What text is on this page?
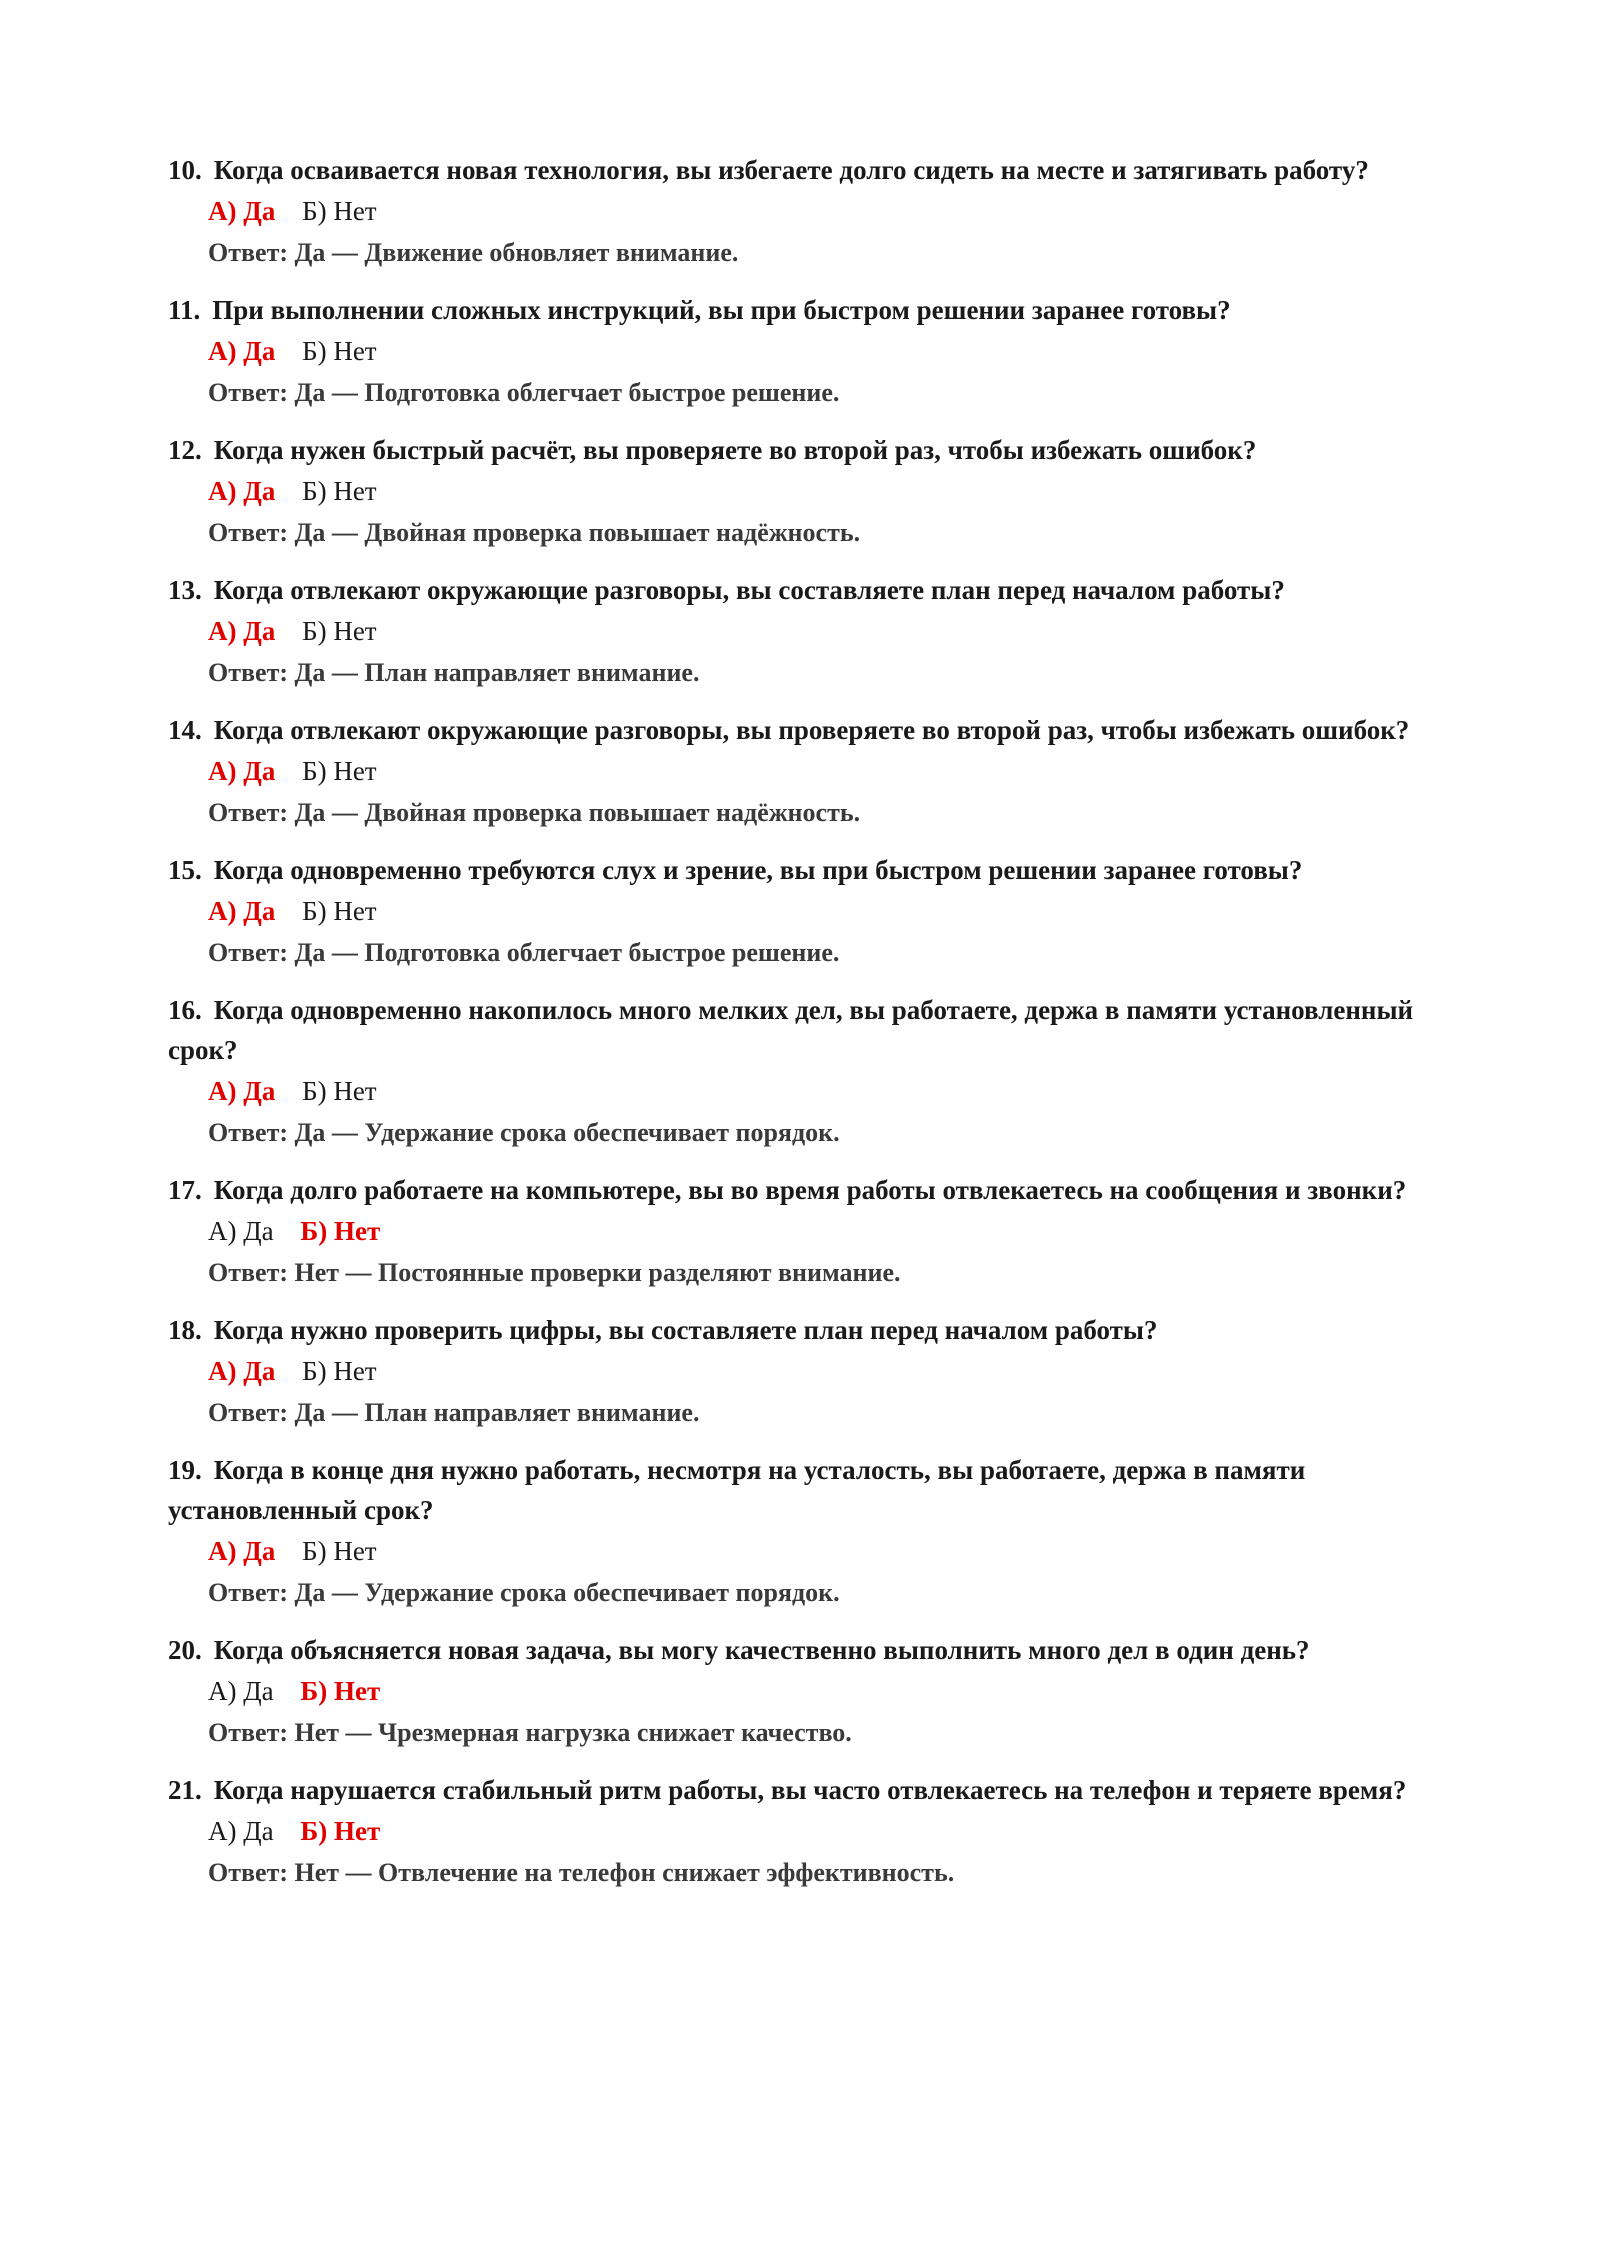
10. Когда осваивается новая технология, вы избегаете долго сидеть на месте и затягивать работу?

А) Да Б) Нет

Ответ: Да — Движение обновляет внимание.

11. При выполнении сложных инструкций, вы при быстром решении заранее готовы?

А) Да Б) Нет

Ответ: Да — Подготовка облегчает быстрое решение.

12. Когда нужен быстрый расчёт, вы проверяете во второй раз, чтобы избежать ошибок?

А) Да Б) Нет

Ответ: Да — Двойная проверка повышает надёжность.

13. Когда отвлекают окружающие разговоры, вы составляете план перед началом работы?

А) Да Б) Нет

Ответ: Да — План направляет внимание.

14. Когда отвлекают окружающие разговоры, вы проверяете во второй раз, чтобы избежать ошибок?

А) Да Б) Нет

Ответ: Да — Двойная проверка повышает надёжность.

15. Когда одновременно требуются слух и зрение, вы при быстром решении заранее готовы?

А) Да Б) Нет

Ответ: Да — Подготовка облегчает быстрое решение.

16. Когда одновременно накопилось много мелких дел, вы работаете, держа в памяти установленный срок?

А) Да Б) Нет

Ответ: Да — Удержание срока обеспечивает порядок.

17. Когда долго работаете на компьютере, вы во время работы отвлекаетесь на сообщения и звонки?

А) Да Б) Нет

Ответ: Нет — Постоянные проверки разделяют внимание.

18. Когда нужно проверить цифры, вы составляете план перед началом работы?

А) Да Б) Нет

Ответ: Да — План направляет внимание.

19. Когда в конце дня нужно работать, несмотря на усталость, вы работаете, держа в памяти установленный срок?

А) Да Б) Нет

Ответ: Да — Удержание срока обеспечивает порядок.

20. Когда объясняется новая задача, вы могу качественно выполнить много дел в один день?

А) Да Б) Нет

Ответ: Нет — Чрезмерная нагрузка снижает качество.

21. Когда нарушается стабильный ритм работы, вы часто отвлекаетесь на телефон и теряете время?

А) Да Б) Нет

Ответ: Нет — Отвлечение на телефон снижает эффективность.
